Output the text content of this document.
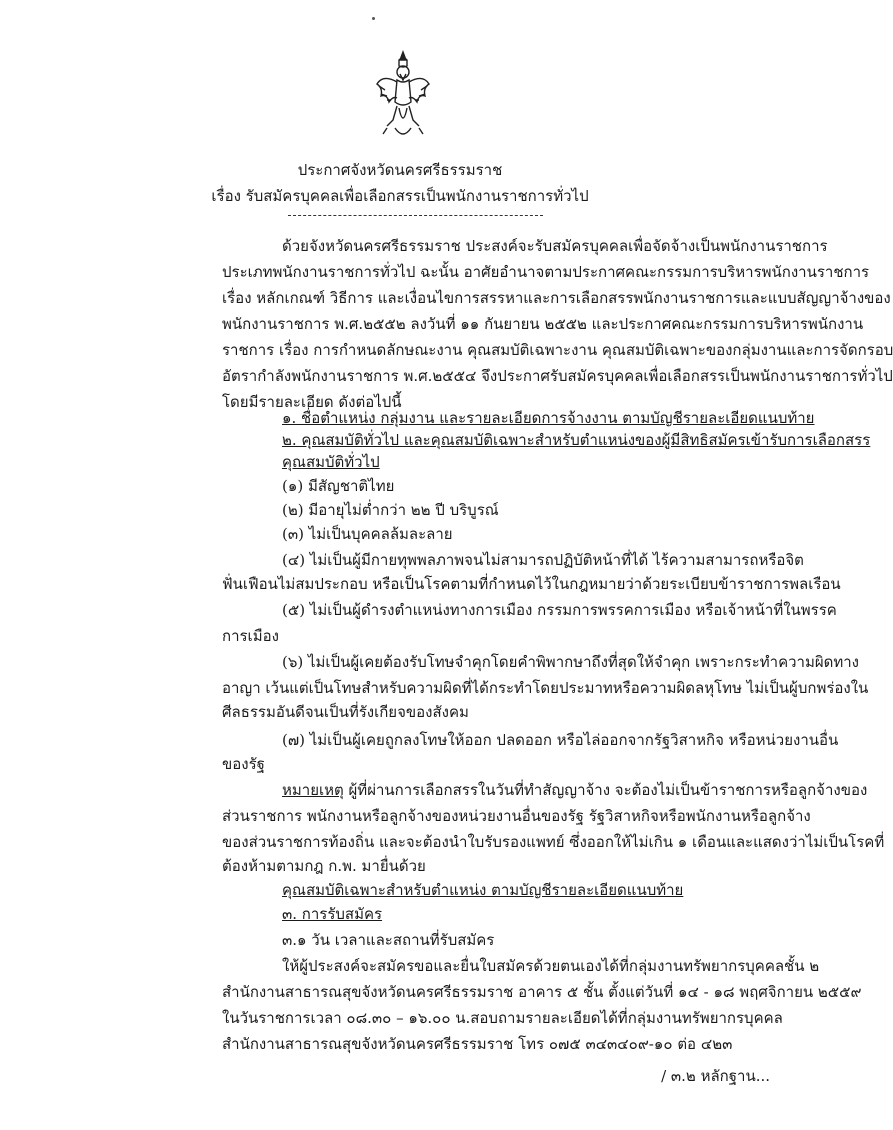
ประกาศจังหวัดนครศรีธรรมราช
เรื่อง รับสมัครบุคคลเพื่อเลือกสรรเป็นพนักงานราชการทั่วไป
ด้วยจังหวัดนครศรีธรรมราช ประสงค์จะรับสมัครบุคคลเพื่อจัดจ้างเป็นพนักงานราชการ
ประเภทพนักงานราชการทั่วไป ฉะนั้น อาศัยอำนาจตามประกาศคณะกรรมการบริหารพนักงานราชการ
เรื่อง หลักเกณฑ์ วิธีการ และเงื่อนไขการสรรหาและการเลือกสรรพนักงานราชการและแบบสัญญาจ้างของ
พนักงานราชการ พ.ศ.๒๕๕๒ ลงวันที่ ๑๑ กันยายน ๒๕๕๒ และประกาศคณะกรรมการบริหารพนักงาน
ราชการ เรื่อง การกำหนดลักษณะงาน คุณสมบัติเฉพาะงาน คุณสมบัติเฉพาะของกลุ่มงานและการจัดกรอบ
อัตรากำลังพนักงานราชการ พ.ศ.๒๕๕๔ จึงประกาศรับสมัครบุคคลเพื่อเลือกสรรเป็นพนักงานราชการทั่วไป
โดยมีรายละเอียด ดังต่อไปนี้
๑. ชื่อตำแหน่ง กลุ่มงาน และรายละเอียดการจ้างงาน ตามบัญชีรายละเอียดแนบท้าย
๒. คุณสมบัติทั่วไป และคุณสมบัติเฉพาะสำหรับตำแหน่งของผู้มีสิทธิสมัครเข้ารับการเลือกสรร
คุณสมบัติทั่วไป
(๑) มีสัญชาติไทย
(๒) มีอายุไม่ต่ำกว่า ๒๒ ปี บริบูรณ์
(๓) ไม่เป็นบุคคลล้มละลาย
(๔) ไม่เป็นผู้มีกายทุพพลภาพจนไม่สามารถปฏิบัติหน้าที่ได้ ไร้ความสามารถหรือจิต
ฟั่นเฟือนไม่สมประกอบ หรือเป็นโรคตามที่กำหนดไว้ในกฎหมายว่าด้วยระเบียบข้าราชการพลเรือน
(๕) ไม่เป็นผู้ดำรงตำแหน่งทางการเมือง กรรมการพรรคการเมือง หรือเจ้าหน้าที่ในพรรค
การเมือง
(๖) ไม่เป็นผู้เคยต้องรับโทษจำคุกโดยคำพิพากษาถึงที่สุดให้จำคุก เพราะกระทำความผิดทาง
อาญา เว้นแต่เป็นโทษสำหรับความผิดที่ได้กระทำโดยประมาทหรือความผิดลหุโทษ ไม่เป็นผู้บกพร่องใน
ศีลธรรมอันดีจนเป็นที่รังเกียจของสังคม
(๗) ไม่เป็นผู้เคยถูกลงโทษให้ออก ปลดออก หรือไล่ออกจากรัฐวิสาหกิจ หรือหน่วยงานอื่น
ของรัฐ
หมายเหตุ ผู้ที่ผ่านการเลือกสรรในวันที่ทำสัญญาจ้าง จะต้องไม่เป็นข้าราชการหรือลูกจ้างของ
ส่วนราชการ พนักงานหรือลูกจ้างของหน่วยงานอื่นของรัฐ รัฐวิสาหกิจหรือพนักงานหรือลูกจ้าง
ของส่วนราชการท้องถิ่น และจะต้องนำใบรับรองแพทย์ ซึ่งออกให้ไม่เกิน ๑ เดือนและแสดงว่าไม่เป็นโรคที่
ต้องห้ามตามกฎ ก.พ. มายื่นด้วย
คุณสมบัติเฉพาะสำหรับตำแหน่ง ตามบัญชีรายละเอียดแนบท้าย
๓. การรับสมัคร
๓.๑ วัน เวลาและสถานที่รับสมัคร
ให้ผู้ประสงค์จะสมัครขอและยื่นใบสมัครด้วยตนเองได้ที่กลุ่มงานทรัพยากรบุคคลชั้น ๒
สำนักงานสาธารณสุขจังหวัดนครศรีธรรมราช อาคาร ๕ ชั้น ตั้งแต่วันที่ ๑๔ - ๑๘ พฤศจิกายน ๒๕๕๙
ในวันราชการเวลา ๐๘.๓๐ – ๑๖.๐๐ น.สอบถามรายละเอียดได้ที่กลุ่มงานทรัพยากรบุคคล
สำนักงานสาธารณสุขจังหวัดนครศรีธรรมราช โทร ๐๗๕ ๓๔๓๔๐๙-๑๐ ต่อ ๔๒๓
/ ๓.๒ หลักฐาน...
